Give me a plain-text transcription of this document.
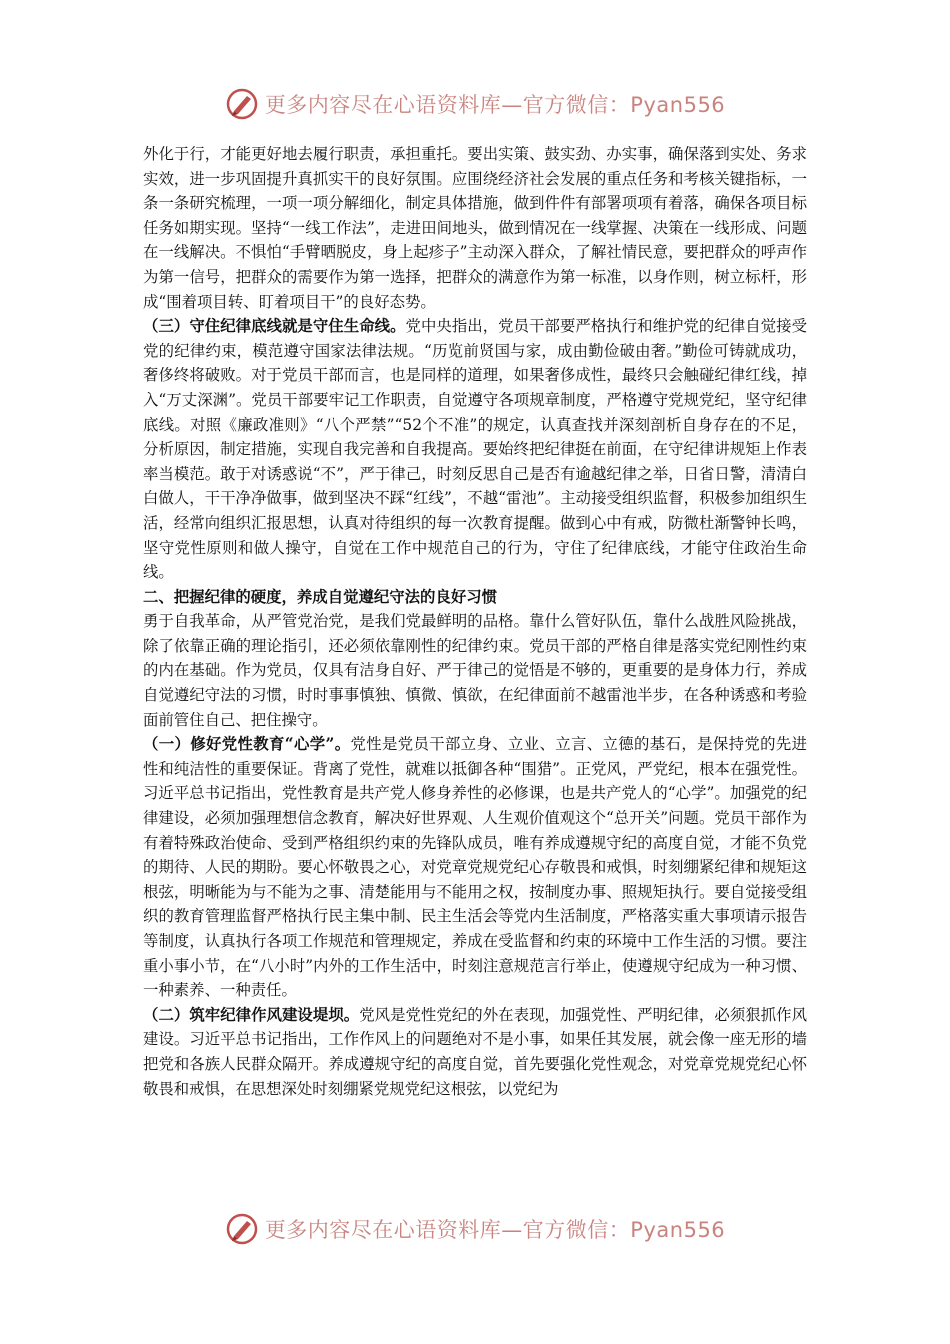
更多内容尽在心语资料库—官方微信：Pyan556

外化于行，才能更好地去履行职责，承担重托。要出实策、鼓实劲、办实事，确保落到实处、务求实效，进一步巩固提升真抓实干的良好氛围。应围绕经济社会发展的重点任务和考核关键指标，一条一条研究梳理，一项一项分解细化，制定具体措施，做到件件有部署项项有着落，确保各项目标任务如期实现。坚持“一线工作法”，走进田间地头，做到情况在一线掌握、决策在一线形成、问题在一线解决。不惧怕“手臂晒脱皮，身上起疹子”主动深入群众，了解社情民意，要把群众的呼声作为第一信号，把群众的需要作为第一选择，把群众的满意作为第一标准，以身作则，树立标杆，形成“围着项目转、盯着项目干”的良好态势。

（三）守住纪律底线就是守住生命线。党中央指出，党员干部要严格执行和维护党的纪律自觉接受党的纪律约束，模范遵守国家法律法规。“历览前贤国与家，成由勤俭破由奢。”勤俭可铸就成功，奢侈终将破败。对于党员干部而言，也是同样的道理，如果奢侈成性，最终只会触碰纪律红线，掉入“万丈深渊”。党员干部要牢记工作职责，自觉遵守各项规章制度，严格遵守党规党纪，坚守纪律底线。对照《廉政准则》“八个严禁”“52个不准”的规定，认真查找并深刻剖析自身存在的不足，分析原因，制定措施，实现自我完善和自我提高。要始终把纪律挺在前面，在守纪律讲规矩上作表率当模范。敢于对诱惑说“不”，严于律己，时刻反思自己是否有逾越纪律之举，日省日警，清清白白做人，干干净净做事，做到坚决不踩“红线”，不越“雷池”。主动接受组织监督，积极参加组织生活，经常向组织汇报思想，认真对待组织的每一次教育提醒。做到心中有戒，防微杜渐警钟长鸣，坚守党性原则和做人操守，自觉在工作中规范自己的行为，守住了纪律底线，才能守住政治生命线。

二、把握纪律的硬度，养成自觉遵纪守法的良好习惯

勇于自我革命，从严管党治党，是我们党最鲜明的品格。靠什么管好队伍，靠什么战胜风险挑战，除了依靠正确的理论指引，还必须依靠刚性的纪律约束。党员干部的严格自律是落实党纪刚性约束的内在基础。作为党员，仅具有洁身自好、严于律己的觉悟是不够的，更重要的是身体力行，养成自觉遵纪守法的习惯，时时事事慎独、慎微、慎欲，在纪律面前不越雷池半步，在各种诱惑和考验面前管住自己、把住操守。

（一）修好党性教育“心学”。党性是党员干部立身、立业、立言、立德的基石，是保持党的先进性和纯洁性的重要保证。背离了党性，就难以抵御各种“围猎”。正党风，严党纪，根本在强党性。习近平总书记指出，党性教育是共产党人修身养性的必修课，也是共产党人的“心学”。加强党的纪律建设，必须加强理想信念教育，解决好世界观、人生观价值观这个“总开关”问题。党员干部作为有着特殊政治使命、受到严格组织约束的先锋队成员，唯有养成遵规守纪的高度自觉，才能不负党的期待、人民的期盼。要心怀敬畏之心，对党章党规党纪心存敬畏和戒惧，时刻绷紧纪律和规矩这根弦，明晰能为与不能为之事、清楚能用与不能用之权，按制度办事、照规矩执行。要自觉接受组织的教育管理监督严格执行民主集中制、民主生活会等党内生活制度，严格落实重大事项请示报告等制度，认真执行各项工作规范和管理规定，养成在受监督和约束的环境中工作生活的习惯。要注重小事小节，在“八小时”内外的工作生活中，时刻注意规范言行举止，使遵规守纪成为一种习惯、一种素养、一种责任。

（二）筑牢纪律作风建设堤坝。党风是党性党纪的外在表现，加强党性、严明纪律，必须狠抓作风建设。习近平总书记指出，工作作风上的问题绝对不是小事，如果任其发展，就会像一座无形的墙把党和各族人民群众隔开。养成遵规守纪的高度自觉，首先要强化党性观念，对党章党规党纪心怀敬畏和戒惧，在思想深处时刻绷紧党规党纪这根弦，以党纪为

更多内容尽在心语资料库—官方微信：Pyan556
